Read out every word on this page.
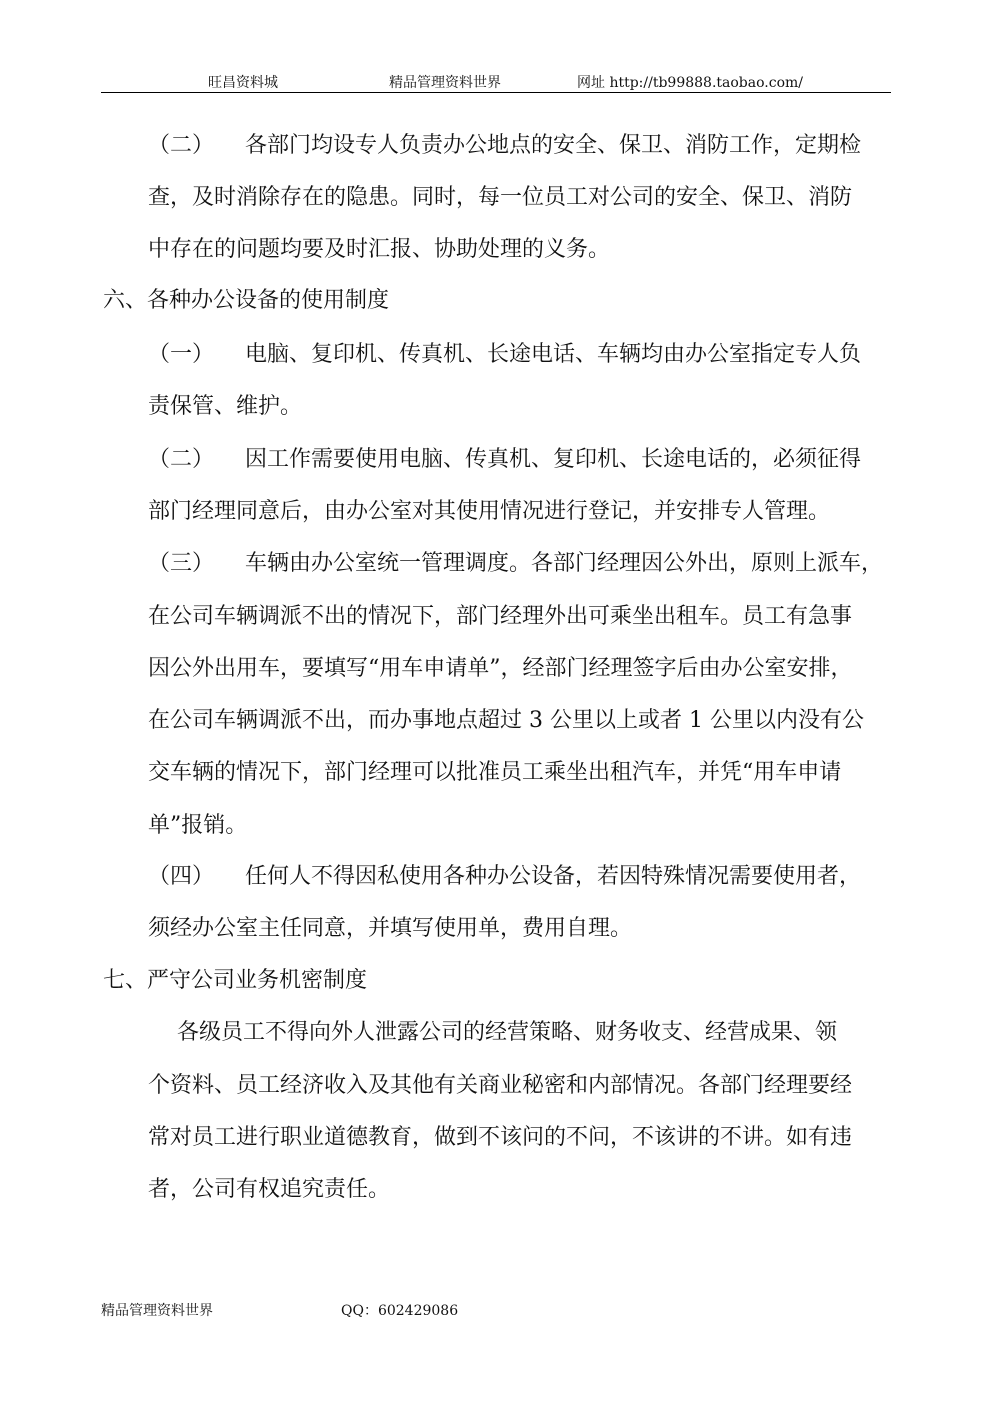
旺昌资料城	精品管理资料世界	网址 http://tb99888.taobao.com/
（二） 各部门均设专人负责办公地点的安全、保卫、消防工作，定期检
查，及时消除存在的隐患。同时，每一位员工对公司的安全、保卫、消防
中存在的问题均要及时汇报、协助处理的义务。
六、各种办公设备的使用制度
（一） 电脑、复印机、传真机、长途电话、车辆均由办公室指定专人负
责保管、维护。
（二） 因工作需要使用电脑、传真机、复印机、长途电话的，必须征得
部门经理同意后，由办公室对其使用情况进行登记，并安排专人管理。
（三） 车辆由办公室统一管理调度。各部门经理因公外出，原则上派车，
在公司车辆调派不出的情况下，部门经理外出可乘坐出租车。员工有急事
因公外出用车，要填写“用车申请单”，经部门经理签字后由办公室安排，
在公司车辆调派不出，而办事地点超过 3 公里以上或者 1 公里以内没有公
交车辆的情况下，部门经理可以批准员工乘坐出租汽车，并凭“用车申请
单”报销。
（四） 任何人不得因私使用各种办公设备，若因特殊情况需要使用者，
须经办公室主任同意，并填写使用单，费用自理。
七、严守公司业务机密制度
各级员工不得向外人泄露公司的经营策略、财务收支、经营成果、领
个资料、员工经济收入及其他有关商业秘密和内部情况。各部门经理要经
常对员工进行职业道德教育，做到不该问的不问，不该讲的不讲。如有违
者，公司有权追究责任。
精品管理资料世界	QQ：602429086
